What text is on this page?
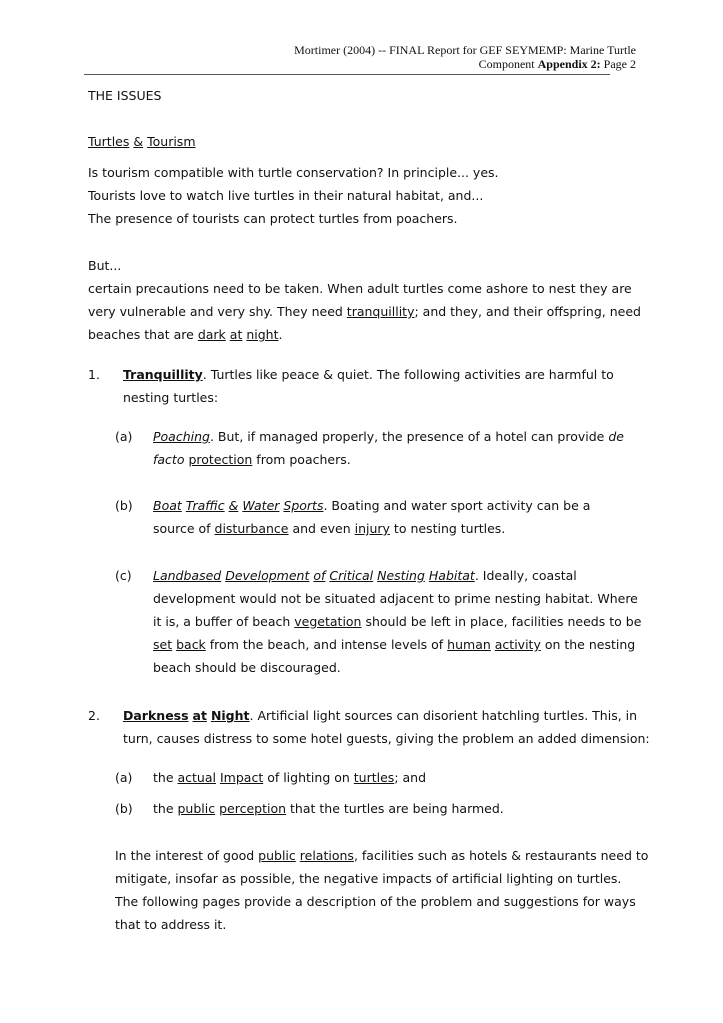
Mortimer (2004) -- FINAL Report for GEF SEYMEMP: Marine Turtle
Component Appendix 2: Page 2
THE ISSUES
Turtles & Tourism
Is tourism compatible with turtle conservation? In principle... yes.
Tourists love to watch live turtles in their natural habitat, and...
The presence of tourists can protect turtles from poachers.
But...
certain precautions need to be taken. When adult turtles come ashore to nest they are
very vulnerable and very shy. They need tranquillity; and they, and their offspring, need
beaches that are dark at night.
1. Tranquillity. Turtles like peace & quiet. The following activities are harmful to
nesting turtles:
(a) Poaching. But, if managed properly, the presence of a hotel can provide de
facto protection from poachers.
(b) Boat Traffic & Water Sports. Boating and water sport activity can be a
source of disturbance and even injury to nesting turtles.
(c) Landbased Development of Critical Nesting Habitat. Ideally, coastal
development would not be situated adjacent to prime nesting habitat. Where
it is, a buffer of beach vegetation should be left in place, facilities needs to be
set back from the beach, and intense levels of human activity on the nesting
beach should be discouraged.
2. Darkness at Night. Artificial light sources can disorient hatchling turtles. This, in
turn, causes distress to some hotel guests, giving the problem an added dimension:
(a) the actual Impact of lighting on turtles; and
(b) the public perception that the turtles are being harmed.
In the interest of good public relations, facilities such as hotels & restaurants need to
mitigate, insofar as possible, the negative impacts of artificial lighting on turtles.
The following pages provide a description of the problem and suggestions for ways
that to address it.
